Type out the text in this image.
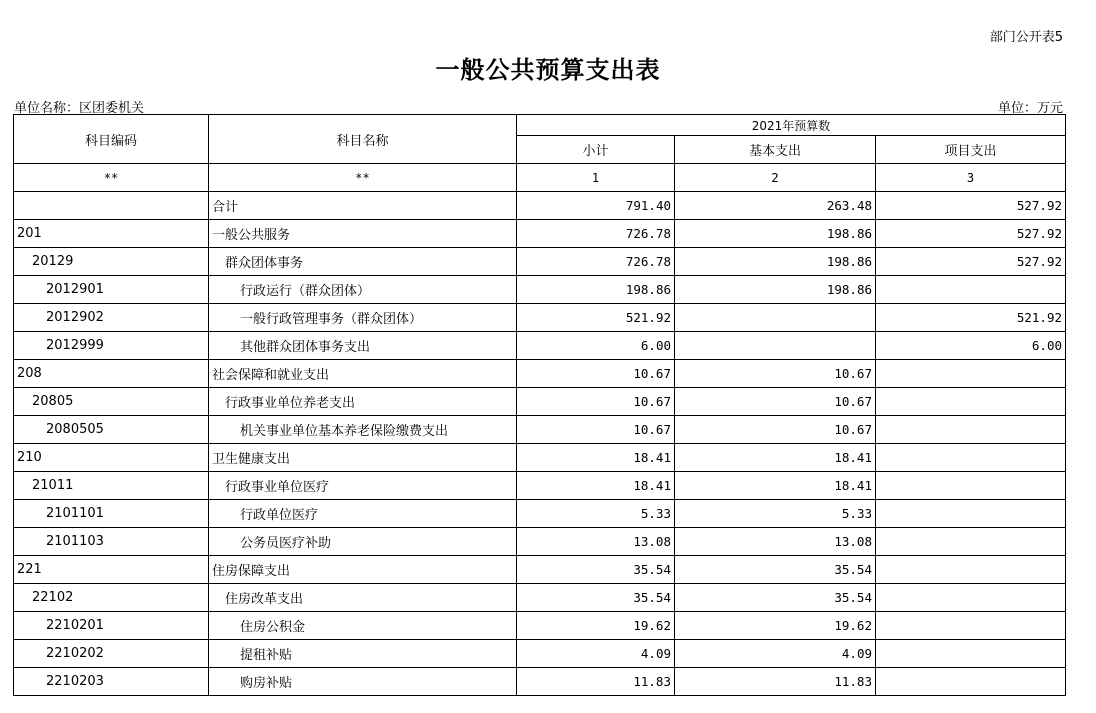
部门公开表5
一般公共预算支出表
单位名称：区团委机关	单位：万元
科目编码	科目名称	2021年预算数		
		小计	基本支出	项目支出
**	**	1	2	3
	合计	791.40	263.48	527.92
201	一般公共服务	726.78	198.86	527.92
20129	群众团体事务	726.78	198.86	527.92
2012901	行政运行（群众团体）	198.86	198.86	
2012902	一般行政管理事务（群众团体）	521.92		521.92
2012999	其他群众团体事务支出	6.00		6.00
208	社会保障和就业支出	10.67	10.67	
20805	行政事业单位养老支出	10.67	10.67	
2080505	机关事业单位基本养老保险缴费支出	10.67	10.67	
210	卫生健康支出	18.41	18.41	
21011	行政事业单位医疗	18.41	18.41	
2101101	行政单位医疗	5.33	5.33	
2101103	公务员医疗补助	13.08	13.08	
221	住房保障支出	35.54	35.54	
22102	住房改革支出	35.54	35.54	
2210201	住房公积金	19.62	19.62	
2210202	提租补贴	4.09	4.09	
2210203	购房补贴	11.83	11.83	
